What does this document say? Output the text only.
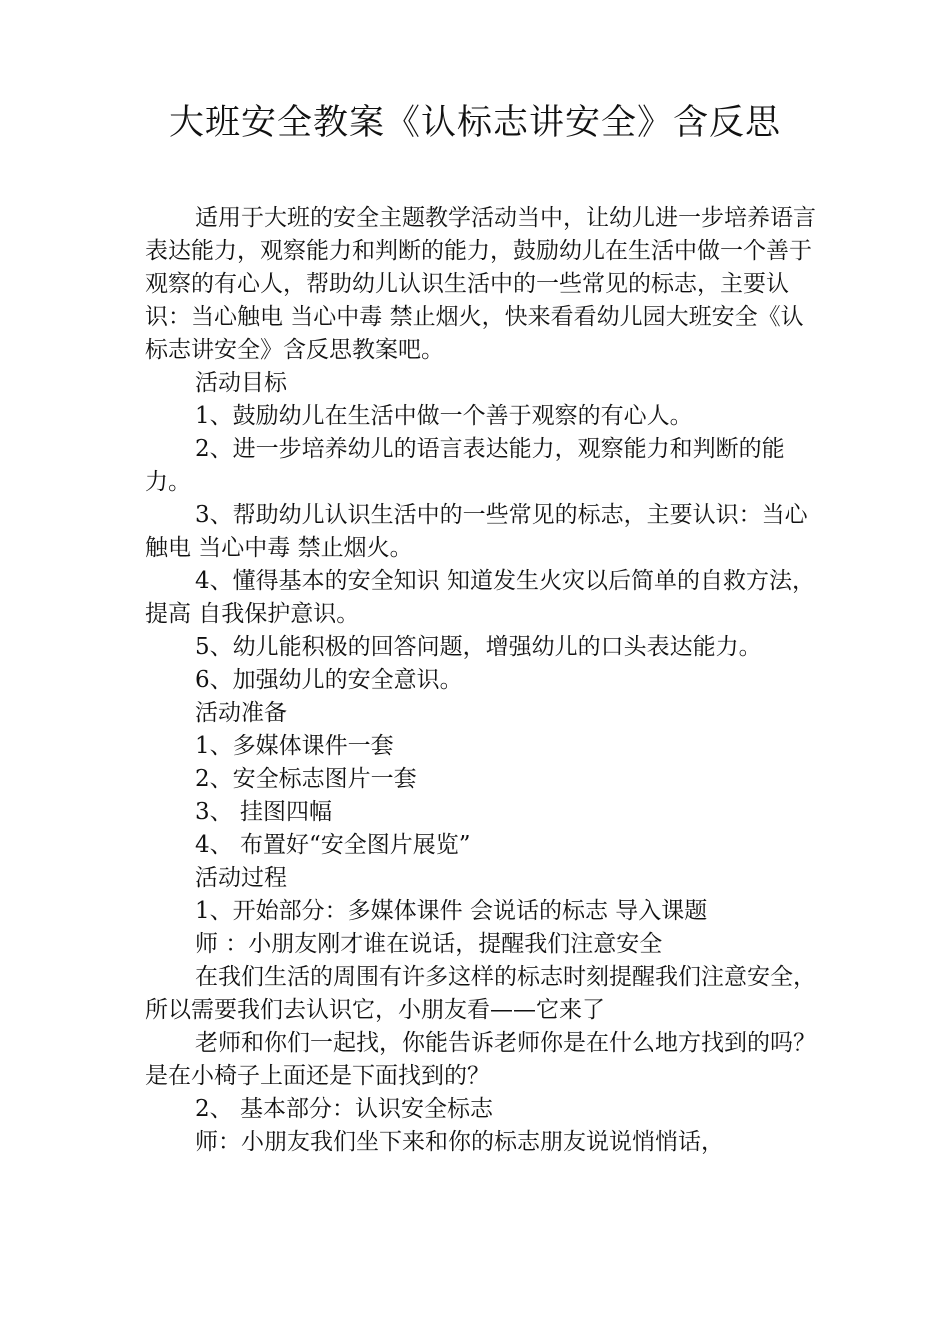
大班安全教案《认标志讲安全》含反思

适用于大班的安全主题教学活动当中，让幼儿进一步培养语言表达能力，观察能力和判断的能力，鼓励幼儿在生活中做一个善于观察的有心人，帮助幼儿认识生活中的一些常见的标志，主要认识：当心触电 当心中毒 禁止烟火，快来看看幼儿园大班安全《认标志讲安全》含反思教案吧。

活动目标

1、鼓励幼儿在生活中做一个善于观察的有心人。

2、进一步培养幼儿的语言表达能力，观察能力和判断的能力。

3、帮助幼儿认识生活中的一些常见的标志，主要认识：当心触电 当心中毒 禁止烟火。

4、懂得基本的安全知识 知道发生火灾以后简单的自救方法，提高 自我保护意识。

5、幼儿能积极的回答问题，增强幼儿的口头表达能力。

6、加强幼儿的安全意识。

活动准备

1、多媒体课件一套

2、安全标志图片一套

3、 挂图四幅

4、 布置好“安全图片展览”

活动过程

1、开始部分：多媒体课件 会说话的标志 导入课题

师 ：小朋友刚才谁在说话，提醒我们注意安全

在我们生活的周围有许多这样的标志时刻提醒我们注意安全，所以需要我们去认识它，小朋友看——它来了

老师和你们一起找，你能告诉老师你是在什么地方找到的吗？是在小椅子上面还是下面找到的？

2、 基本部分：认识安全标志

师：小朋友我们坐下来和你的标志朋友说说悄悄话，
